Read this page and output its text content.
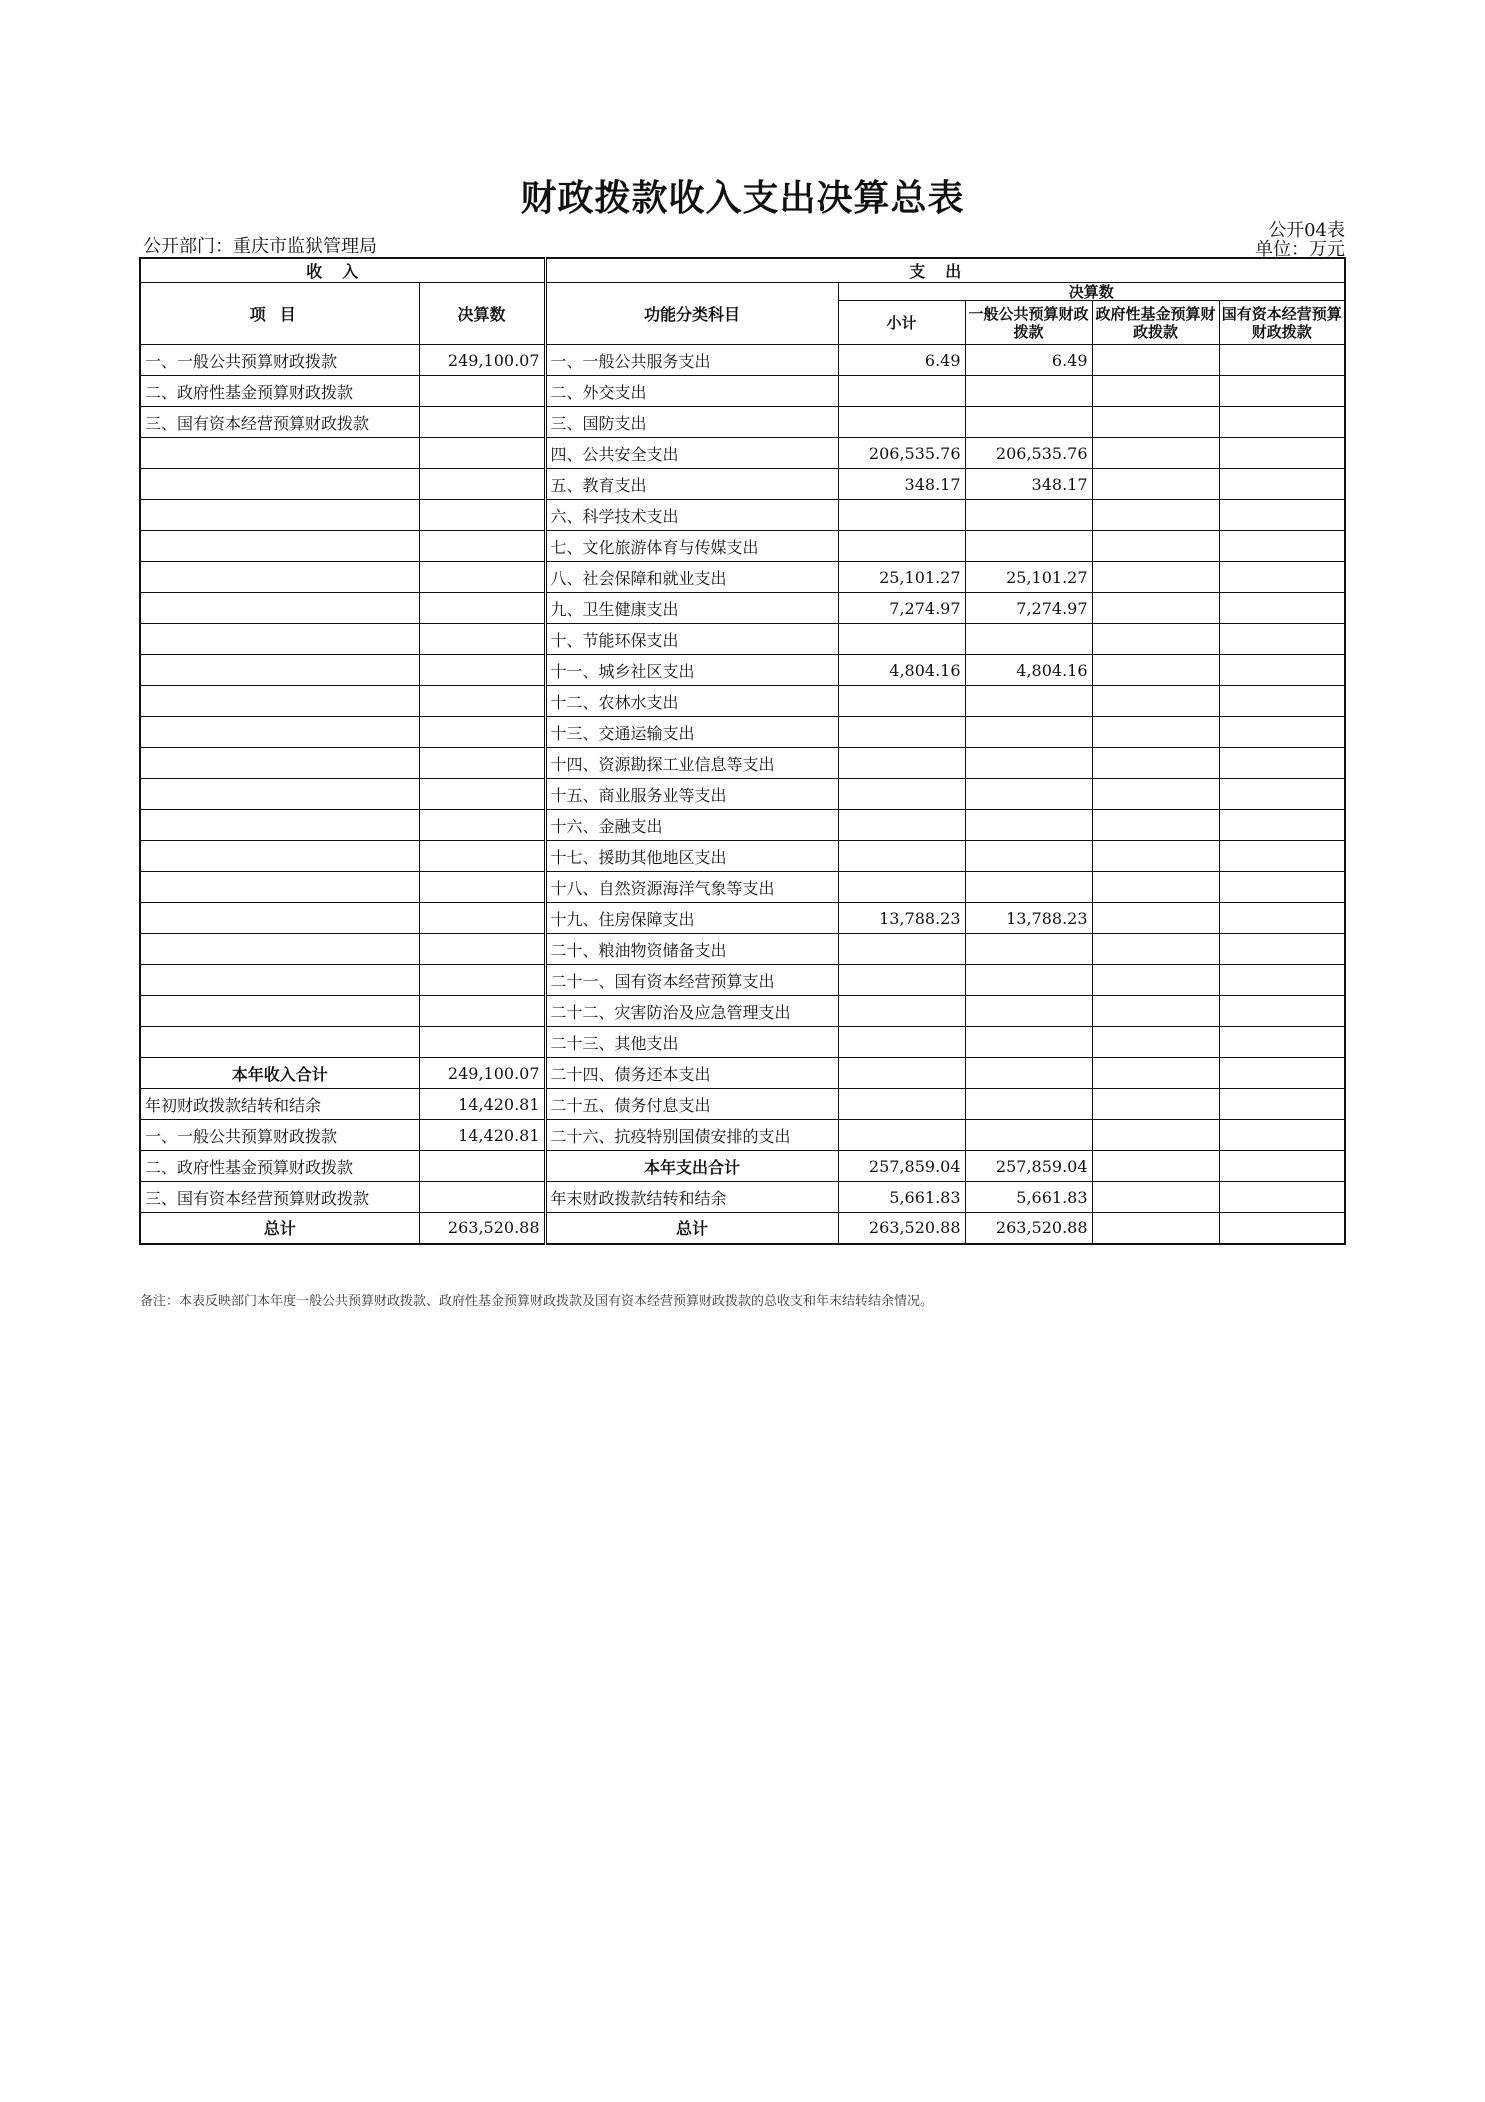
财政拨款收入支出决算总表
公开04表
公开部门：重庆市监狱管理局	单位：万元
收入		支出				
项目	决算数	功能分类科目	决算数			
			小计	一般公共预算财政拨款	政府性基金预算财政拨款	国有资本经营预算财政拨款
一、一般公共预算财政拨款	249,100.07	一、一般公共服务支出	6.49	6.49		
二、政府性基金预算财政拨款		二、外交支出				
三、国有资本经营预算财政拨款		三、国防支出				
		四、公共安全支出	206,535.76	206,535.76		
		五、教育支出	348.17	348.17		
		六、科学技术支出				
		七、文化旅游体育与传媒支出				
		八、社会保障和就业支出	25,101.27	25,101.27		
		九、卫生健康支出	7,274.97	7,274.97		
		十、节能环保支出				
		十一、城乡社区支出	4,804.16	4,804.16		
		十二、农林水支出				
		十三、交通运输支出				
		十四、资源勘探工业信息等支出				
		十五、商业服务业等支出				
		十六、金融支出				
		十七、援助其他地区支出				
		十八、自然资源海洋气象等支出				
		十九、住房保障支出	13,788.23	13,788.23		
		二十、粮油物资储备支出				
		二十一、国有资本经营预算支出				
		二十二、灾害防治及应急管理支出				
		二十三、其他支出				
本年收入合计	249,100.07	二十四、债务还本支出				
年初财政拨款结转和结余	14,420.81	二十五、债务付息支出				
一、一般公共预算财政拨款	14,420.81	二十六、抗疫特别国债安排的支出				
二、政府性基金预算财政拨款		本年支出合计	257,859.04	257,859.04		
三、国有资本经营预算财政拨款		年末财政拨款结转和结余	5,661.83	5,661.83		
总计	263,520.88	总计	263,520.88	263,520.88		
备注：本表反映部门本年度一般公共预算财政拨款、政府性基金预算财政拨款及国有资本经营预算财政拨款的总收支和年末结转结余情况。
